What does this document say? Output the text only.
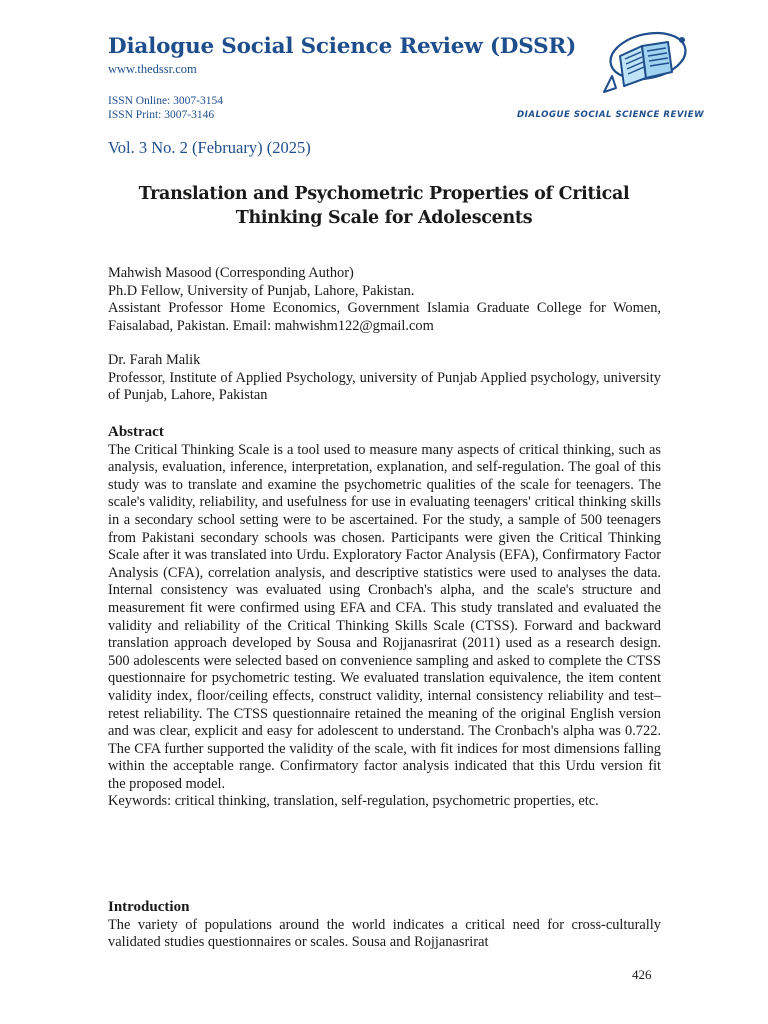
Dialogue Social Science Review (DSSR)
www.thedssr.com
ISSN Online: 3007-3154
ISSN Print: 3007-3146
Vol. 3 No. 2 (February) (2025)
DIALOGUE SOCIAL SCIENCE REVIEW
Translation and Psychometric Properties of Critical Thinking Scale for Adolescents

Mahwish Masood (Corresponding Author)

Ph.D Fellow, University of Punjab, Lahore, Pakistan.

Assistant Professor Home Economics, Government Islamia Graduate College for Women, Faisalabad, Pakistan. Email: mahwishm122@gmail.com

Dr. Farah Malik

Professor, Institute of Applied Psychology, university of Punjab Applied psychology, university of Punjab, Lahore, Pakistan

Abstract

The Critical Thinking Scale is a tool used to measure many aspects of critical thinking, such as analysis, evaluation, inference, interpretation, explanation, and self-regulation. The goal of this study was to translate and examine the psychometric qualities of the scale for teenagers. The scale's validity, reliability, and usefulness for use in evaluating teenagers' critical thinking skills in a secondary school setting were to be ascertained. For the study, a sample of 500 teenagers from Pakistani secondary schools was chosen. Participants were given the Critical Thinking Scale after it was translated into Urdu. Exploratory Factor Analysis (EFA), Confirmatory Factor Analysis (CFA), correlation analysis, and descriptive statistics were used to analyses the data. Internal consistency was evaluated using Cronbach's alpha, and the scale's structure and measurement fit were confirmed using EFA and CFA. This study translated and evaluated the validity and reliability of the Critical Thinking Skills Scale (CTSS). Forward and backward translation approach developed by Sousa and Rojjanasrirat (2011) used as a research design. 500 adolescents were selected based on convenience sampling and asked to complete the CTSS questionnaire for psychometric testing. We evaluated translation equivalence, the item content validity index, floor/ceiling effects, construct validity, internal consistency reliability and test–retest reliability. The CTSS questionnaire retained the meaning of the original English version and was clear, explicit and easy for adolescent to understand. The Cronbach's alpha was 0.722. The CFA further supported the validity of the scale, with fit indices for most dimensions falling within the acceptable range. Confirmatory factor analysis indicated that this Urdu version fit the proposed model.

Keywords: critical thinking, translation, self-regulation, psychometric properties, etc.

Introduction

The variety of populations around the world indicates a critical need for cross-culturally validated studies questionnaires or scales. Sousa and Rojjanasrirat

426
